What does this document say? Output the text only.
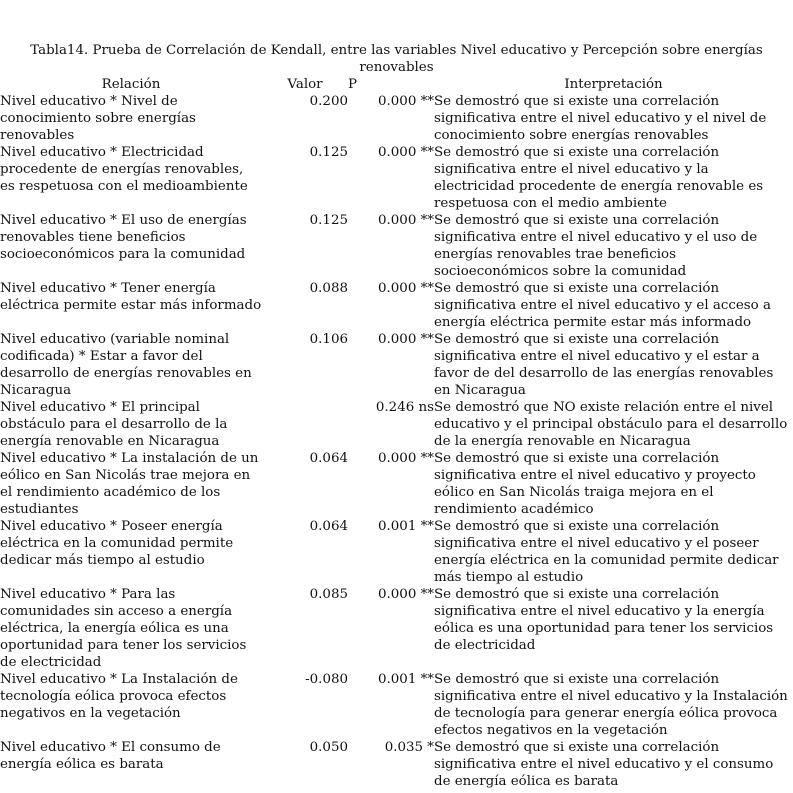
Tabla14. Prueba de Correlación de Kendall, entre las variables Nivel educativo y Percepción sobre energías
renovables
Relación	Valor	P	Interpretación
Nivel educativo * Nivel de conocimiento sobre energías renovables	0.200	0.000 **	Se demostró que si existe una correlación significativa entre el nivel educativo y el nivel de conocimiento sobre energías renovables
Nivel educativo * Electricidad procedente de energías renovables, es respetuosa con el medioambiente	0.125	0.000 **	Se demostró que si existe una correlación significativa entre el nivel educativo y la electricidad procedente de energía renovable es respetuosa con el medio ambiente
Nivel educativo * El uso de energías renovables tiene beneficios socioeconómicos para la comunidad	0.125	0.000 **	Se demostró que si existe una correlación significativa entre el nivel educativo y el uso de energías renovables trae beneficios socioeconómicos sobre la comunidad
Nivel educativo * Tener energía eléctrica permite estar más informado	0.088	0.000 **	Se demostró que si existe una correlación significativa entre el nivel educativo y el acceso a energía eléctrica permite estar más informado
Nivel educativo (variable nominal codificada) * Estar a favor del desarrollo de energías renovables en Nicaragua	0.106	0.000 **	Se demostró que si existe una correlación significativa entre el nivel educativo y el estar a favor de del desarrollo de las energías renovables en Nicaragua
Nivel educativo * El principal obstáculo para el desarrollo de la energía renovable en Nicaragua		0.246 ns	Se demostró que NO existe relación entre el nivel educativo y el principal obstáculo para el desarrollo de la energía renovable en Nicaragua
Nivel educativo * La instalación de un eólico en San Nicolás trae mejora en el rendimiento académico de los estudiantes	0.064	0.000 **	Se demostró que si existe una correlación significativa entre el nivel educativo y proyecto eólico en San Nicolás traiga mejora en el rendimiento académico
Nivel educativo * Poseer energía eléctrica en la comunidad permite dedicar más tiempo al estudio	0.064	0.001 **	Se demostró que si existe una correlación significativa entre el nivel educativo y el poseer energía eléctrica en la comunidad permite dedicar más tiempo al estudio
Nivel educativo * Para las comunidades sin acceso a energía eléctrica, la energía eólica es una oportunidad para tener los servicios de electricidad	0.085	0.000 **	Se demostró que si existe una correlación significativa entre el nivel educativo y la energía eólica es una oportunidad para tener los servicios de electricidad
Nivel educativo * La Instalación de tecnología eólica provoca efectos negativos en la vegetación	-0.080	0.001 **	Se demostró que si existe una correlación significativa entre el nivel educativo y la Instalación de tecnología para generar energía eólica provoca efectos negativos en la vegetación
Nivel educativo * El consumo de energía eólica es barata	0.050	0.035 *	Se demostró que si existe una correlación significativa entre el nivel educativo y el consumo de energía eólica es barata
